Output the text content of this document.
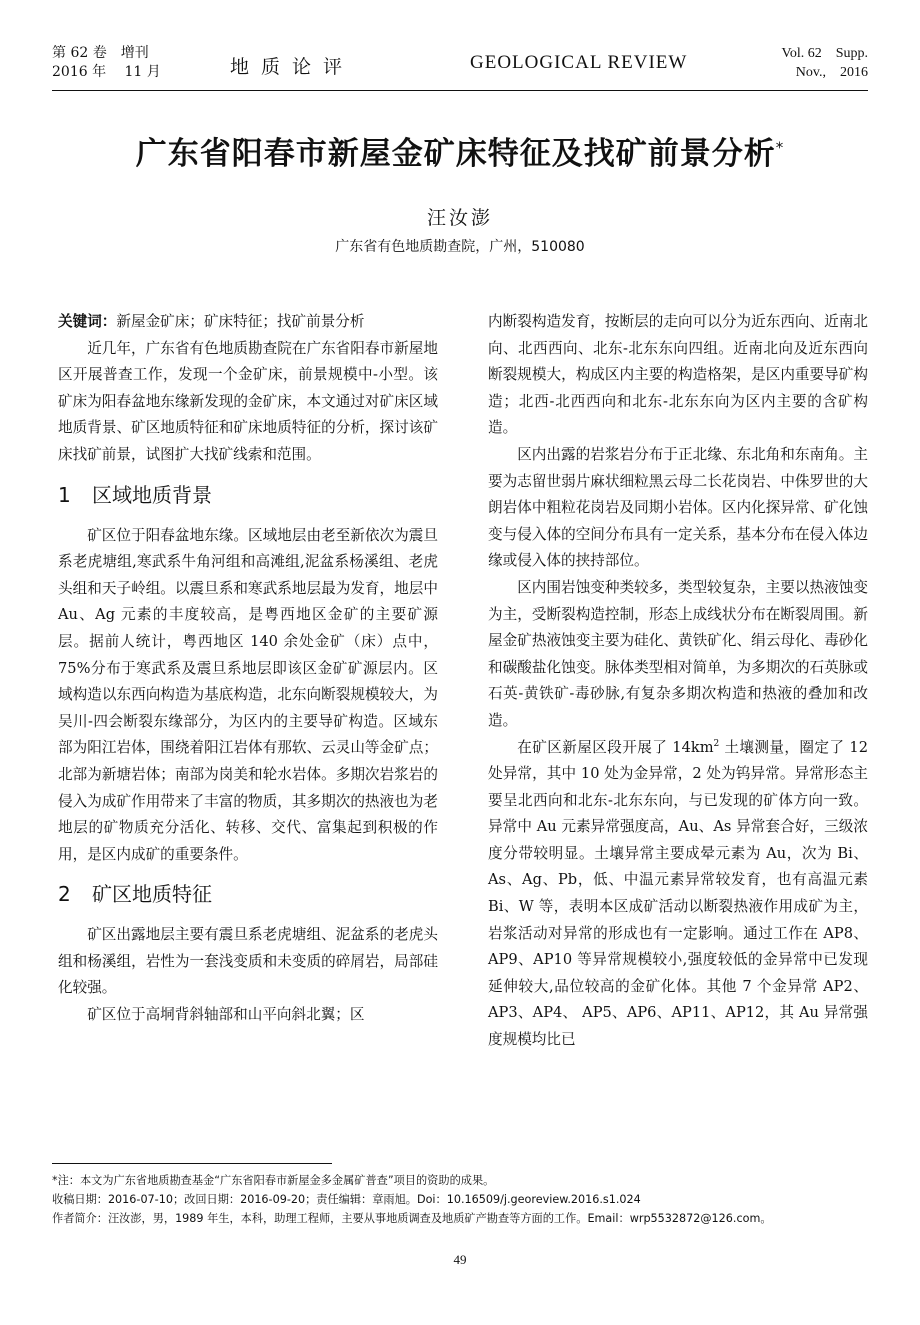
第 62 卷　增刊
2016 年　 11 月	地质论评	GEOLOGICAL REVIEW	Vol. 62　Supp.
Nov.,　2016
广东省阳春市新屋金矿床特征及找矿前景分析*
汪汝澎
广东省有色地质勘查院，广州，510080

关键词：新屋金矿床；矿床特征；找矿前景分析

近几年，广东省有色地质勘查院在广东省阳春市新屋地区开展普查工作，发现一个金矿床，前景规模中-小型。该矿床为阳春盆地东缘新发现的金矿床，本文通过对矿床区域地质背景、矿区地质特征和矿床地质特征的分析，探讨该矿床找矿前景，试图扩大找矿线索和范围。

1 区域地质背景

矿区位于阳春盆地东缘。区域地层由老至新依次为震旦系老虎塘组,寒武系牛角河组和高滩组,泥盆系杨溪组、老虎头组和天子岭组。以震旦系和寒武系地层最为发育，地层中 Au、Ag 元素的丰度较高，是粤西地区金矿的主要矿源层。据前人统计，粤西地区 140 余处金矿（床）点中，75%分布于寒武系及震旦系地层即该区金矿矿源层内。区域构造以东西向构造为基底构造，北东向断裂规模较大，为吴川-四会断裂东缘部分，为区内的主要导矿构造。区域东部为阳江岩体，围绕着阳江岩体有那软、云灵山等金矿点；北部为新塘岩体；南部为岗美和轮水岩体。多期次岩浆岩的侵入为成矿作用带来了丰富的物质，其多期次的热液也为老地层的矿物质充分活化、转移、交代、富集起到积极的作用，是区内成矿的重要条件。

2 矿区地质特征

矿区出露地层主要有震旦系老虎塘组、泥盆系的老虎头组和杨溪组，岩性为一套浅变质和未变质的碎屑岩，局部硅化较强。

矿区位于高垌背斜轴部和山平向斜北翼；区

内断裂构造发育，按断层的走向可以分为近东西向、近南北向、北西西向、北东-北东东向四组。近南北向及近东西向断裂规模大，构成区内主要的构造格架，是区内重要导矿构造；北西-北西西向和北东-北东东向为区内主要的含矿构造。

区内出露的岩浆岩分布于正北缘、东北角和东南角。主要为志留世弱片麻状细粒黑云母二长花岗岩、中侏罗世的大朗岩体中粗粒花岗岩及同期小岩体。区内化探异常、矿化蚀变与侵入体的空间分布具有一定关系，基本分布在侵入体边缘或侵入体的挟持部位。

区内围岩蚀变种类较多，类型较复杂，主要以热液蚀变为主，受断裂构造控制，形态上成线状分布在断裂周围。新屋金矿热液蚀变主要为硅化、黄铁矿化、绢云母化、毒砂化和碳酸盐化蚀变。脉体类型相对简单，为多期次的石英脉或石英-黄铁矿-毒砂脉,有复杂多期次构造和热液的叠加和改造。

在矿区新屋区段开展了 $14km^2$ 土壤测量，圈定了 12 处异常，其中 10 处为金异常，2 处为钨异常。异常形态主要呈北西向和北东-北东东向，与已发现的矿体方向一致。异常中 Au 元素异常强度高，Au、As 异常套合好，三级浓度分带较明显。土壤异常主要成晕元素为 Au，次为 Bi、As、Ag、Pb，低、中温元素异常较发育，也有高温元素 Bi、W 等，表明本区成矿活动以断裂热液作用成矿为主，岩浆活动对异常的形成也有一定影响。通过工作在 AP8、AP9、AP10 等异常规模较小,强度较低的金异常中已发现延伸较大,品位较高的金矿化体。其他 7 个金异常 AP2、AP3、AP4、 AP5、AP6、AP11、AP12，其 Au 异常强度规模均比已

*注：本文为广东省地质勘查基金“广东省阳春市新屋金多金属矿普查”项目的资助的成果。
收稿日期：2016-07-10；改回日期：2016-09-20；责任编辑：章雨旭。Doi：10.16509/j.georeview.2016.s1.024
作者简介：汪汝澎，男，1989 年生，本科，助理工程师，主要从事地质调查及地质矿产勘查等方面的工作。Email：wrp5532872@126.com。
49
